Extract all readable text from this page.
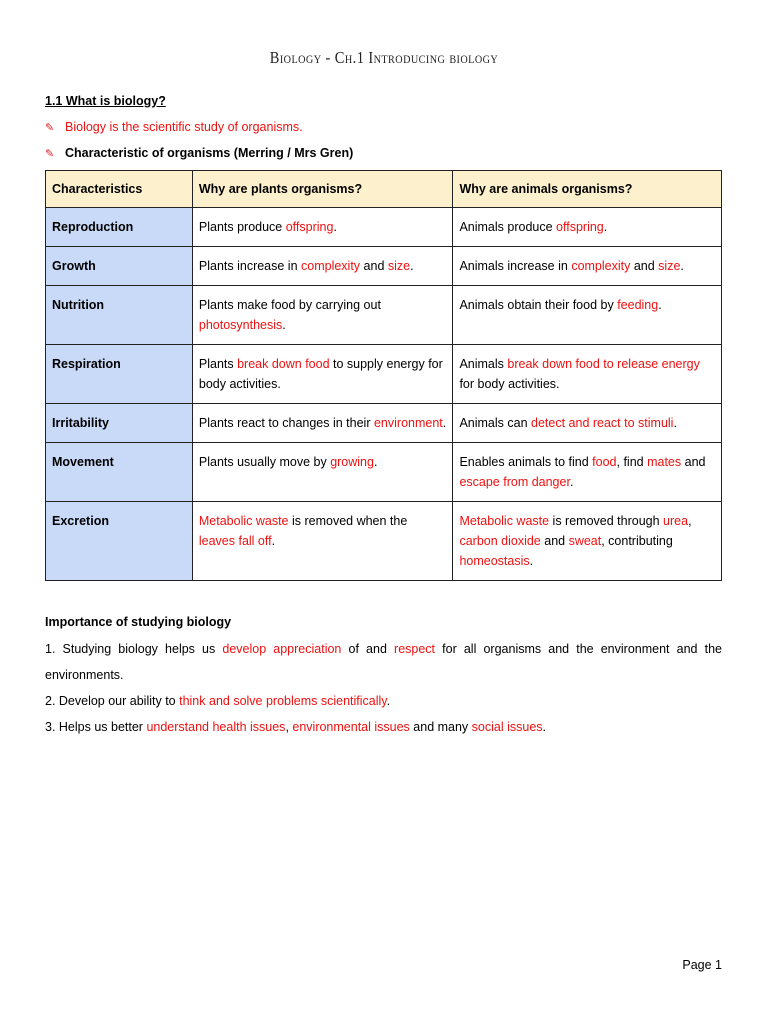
Biology - Ch.1 Introducing biology
1.1 What is biology?
✎ Biology is the scientific study of organisms.
✎ Characteristic of organisms (Merring / Mrs Gren)
Characteristics	Why are plants organisms?	Why are animals organisms?
Reproduction	Plants produce offspring.	Animals produce offspring.
Growth	Plants increase in complexity and size.	Animals increase in complexity and size.
Nutrition	Plants make food by carrying out photosynthesis.	Animals obtain their food by feeding.
Respiration	Plants break down food to supply energy for body activities.	Animals break down food to release energy for body activities.
Irritability	Plants react to changes in their environment.	Animals can detect and react to stimuli.
Movement	Plants usually move by growing.	Enables animals to find food, find mates and escape from danger.
Excretion	Metabolic waste is removed when the leaves fall off.	Metabolic waste is removed through urea, carbon dioxide and sweat, contributing homeostasis.
Importance of studying biology
1. Studying biology helps us develop appreciation of and respect for all organisms and the environment and the environments.
2. Develop our ability to think and solve problems scientifically.
3. Helps us better understand health issues, environmental issues and many social issues.
Page 1
